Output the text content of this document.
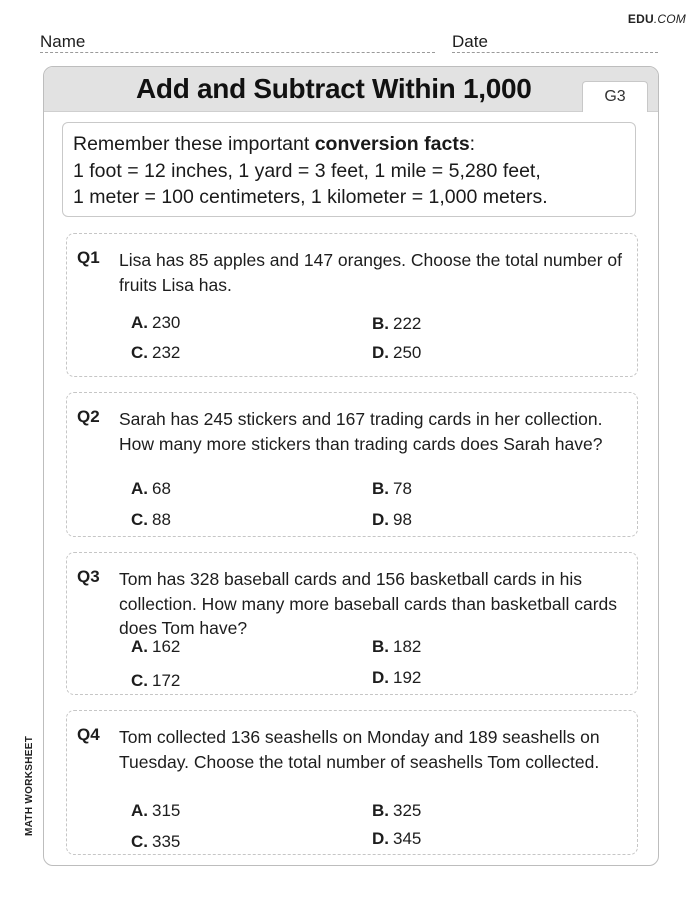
EDU.COM
Name	Date
Add and Subtract Within 1,000	G3
Remember these important conversion facts:
1 foot = 12 inches, 1 yard = 3 feet, 1 mile = 5,280 feet,
1 meter = 100 centimeters, 1 kilometer = 1,000 meters.
Q1 Lisa has 85 apples and 147 oranges. Choose the total number of fruits Lisa has.
A. 230	B. 222
C. 232	D. 250
Q2 Sarah has 245 stickers and 167 trading cards in her collection. How many more stickers than trading cards does Sarah have?
A. 68	B. 78
C. 88	D. 98
Q3 Tom has 328 baseball cards and 156 basketball cards in his collection. How many more baseball cards than basketball cards does Tom have?
A. 162	B. 182
C. 172	D. 192
Q4 Tom collected 136 seashells on Monday and 189 seashells on Tuesday. Choose the total number of seashells Tom collected.
A. 315	B. 325
C. 335	D. 345
MATH WORKSHEET
